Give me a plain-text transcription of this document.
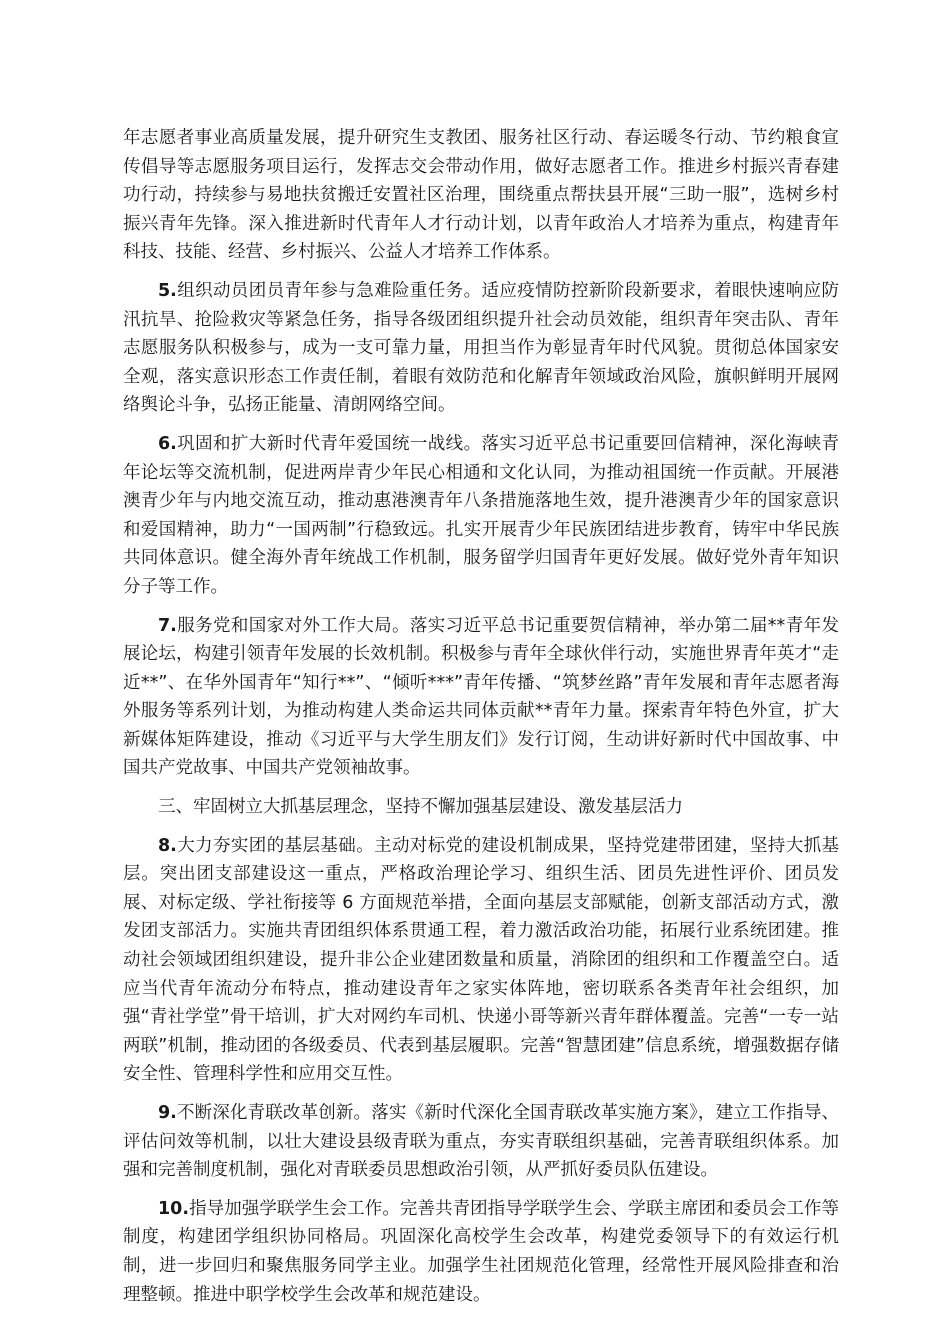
年志愿者事业高质量发展，提升研究生支教团、服务社区行动、春运暖冬行动、节约粮食宣传倡导等志愿服务项目运行，发挥志交会带动作用，做好志愿者工作。推进乡村振兴青春建功行动，持续参与易地扶贫搬迁安置社区治理，围绕重点帮扶县开展“三助一服”，选树乡村振兴青年先锋。深入推进新时代青年人才行动计划，以青年政治人才培养为重点，构建青年科技、技能、经营、乡村振兴、公益人才培养工作体系。

5.组织动员团员青年参与急难险重任务。适应疫情防控新阶段新要求，着眼快速响应防汛抗旱、抢险救灾等紧急任务，指导各级团组织提升社会动员效能，组织青年突击队、青年志愿服务队积极参与，成为一支可靠力量，用担当作为彰显青年时代风貌。贯彻总体国家安全观，落实意识形态工作责任制，着眼有效防范和化解青年领域政治风险，旗帜鲜明开展网络舆论斗争，弘扬正能量、清朗网络空间。

6.巩固和扩大新时代青年爱国统一战线。落实习近平总书记重要回信精神，深化海峡青年论坛等交流机制，促进两岸青少年民心相通和文化认同，为推动祖国统一作贡献。开展港澳青少年与内地交流互动，推动惠港澳青年八条措施落地生效，提升港澳青少年的国家意识和爱国精神，助力“一国两制”行稳致远。扎实开展青少年民族团结进步教育，铸牢中华民族共同体意识。健全海外青年统战工作机制，服务留学归国青年更好发展。做好党外青年知识分子等工作。

7.服务党和国家对外工作大局。落实习近平总书记重要贺信精神，举办第二届**青年发展论坛，构建引领青年发展的长效机制。积极参与青年全球伙伴行动，实施世界青年英才“走近**”、在华外国青年“知行**”、“倾听***”青年传播、“筑梦丝路”青年发展和青年志愿者海外服务等系列计划，为推动构建人类命运共同体贡献**青年力量。探索青年特色外宣，扩大新媒体矩阵建设，推动《习近平与大学生朋友们》发行订阅，生动讲好新时代中国故事、中国共产党故事、中国共产党领袖故事。

三、牢固树立大抓基层理念，坚持不懈加强基层建设、激发基层活力

8.大力夯实团的基层基础。主动对标党的建设机制成果，坚持党建带团建，坚持大抓基层。突出团支部建设这一重点，严格政治理论学习、组织生活、团员先进性评价、团员发展、对标定级、学社衔接等 6 方面规范举措，全面向基层支部赋能，创新支部活动方式，激发团支部活力。实施共青团组织体系贯通工程，着力激活政治功能，拓展行业系统团建。推动社会领域团组织建设，提升非公企业建团数量和质量，消除团的组织和工作覆盖空白。适应当代青年流动分布特点，推动建设青年之家实体阵地，密切联系各类青年社会组织，加强“青社学堂”骨干培训，扩大对网约车司机、快递小哥等新兴青年群体覆盖。完善“一专一站两联”机制，推动团的各级委员、代表到基层履职。完善“智慧团建”信息系统，增强数据存储安全性、管理科学性和应用交互性。

9.不断深化青联改革创新。落实《新时代深化全国青联改革实施方案》，建立工作指导、评估问效等机制，以壮大建设县级青联为重点，夯实青联组织基础，完善青联组织体系。加强和完善制度机制，强化对青联委员思想政治引领，从严抓好委员队伍建设。

10.指导加强学联学生会工作。完善共青团指导学联学生会、学联主席团和委员会工作等制度，构建团学组织协同格局。巩固深化高校学生会改革，构建党委领导下的有效运行机制，进一步回归和聚焦服务同学主业。加强学生社团规范化管理，经常性开展风险排查和治理整顿。推进中职学校学生会改革和规范建设。
